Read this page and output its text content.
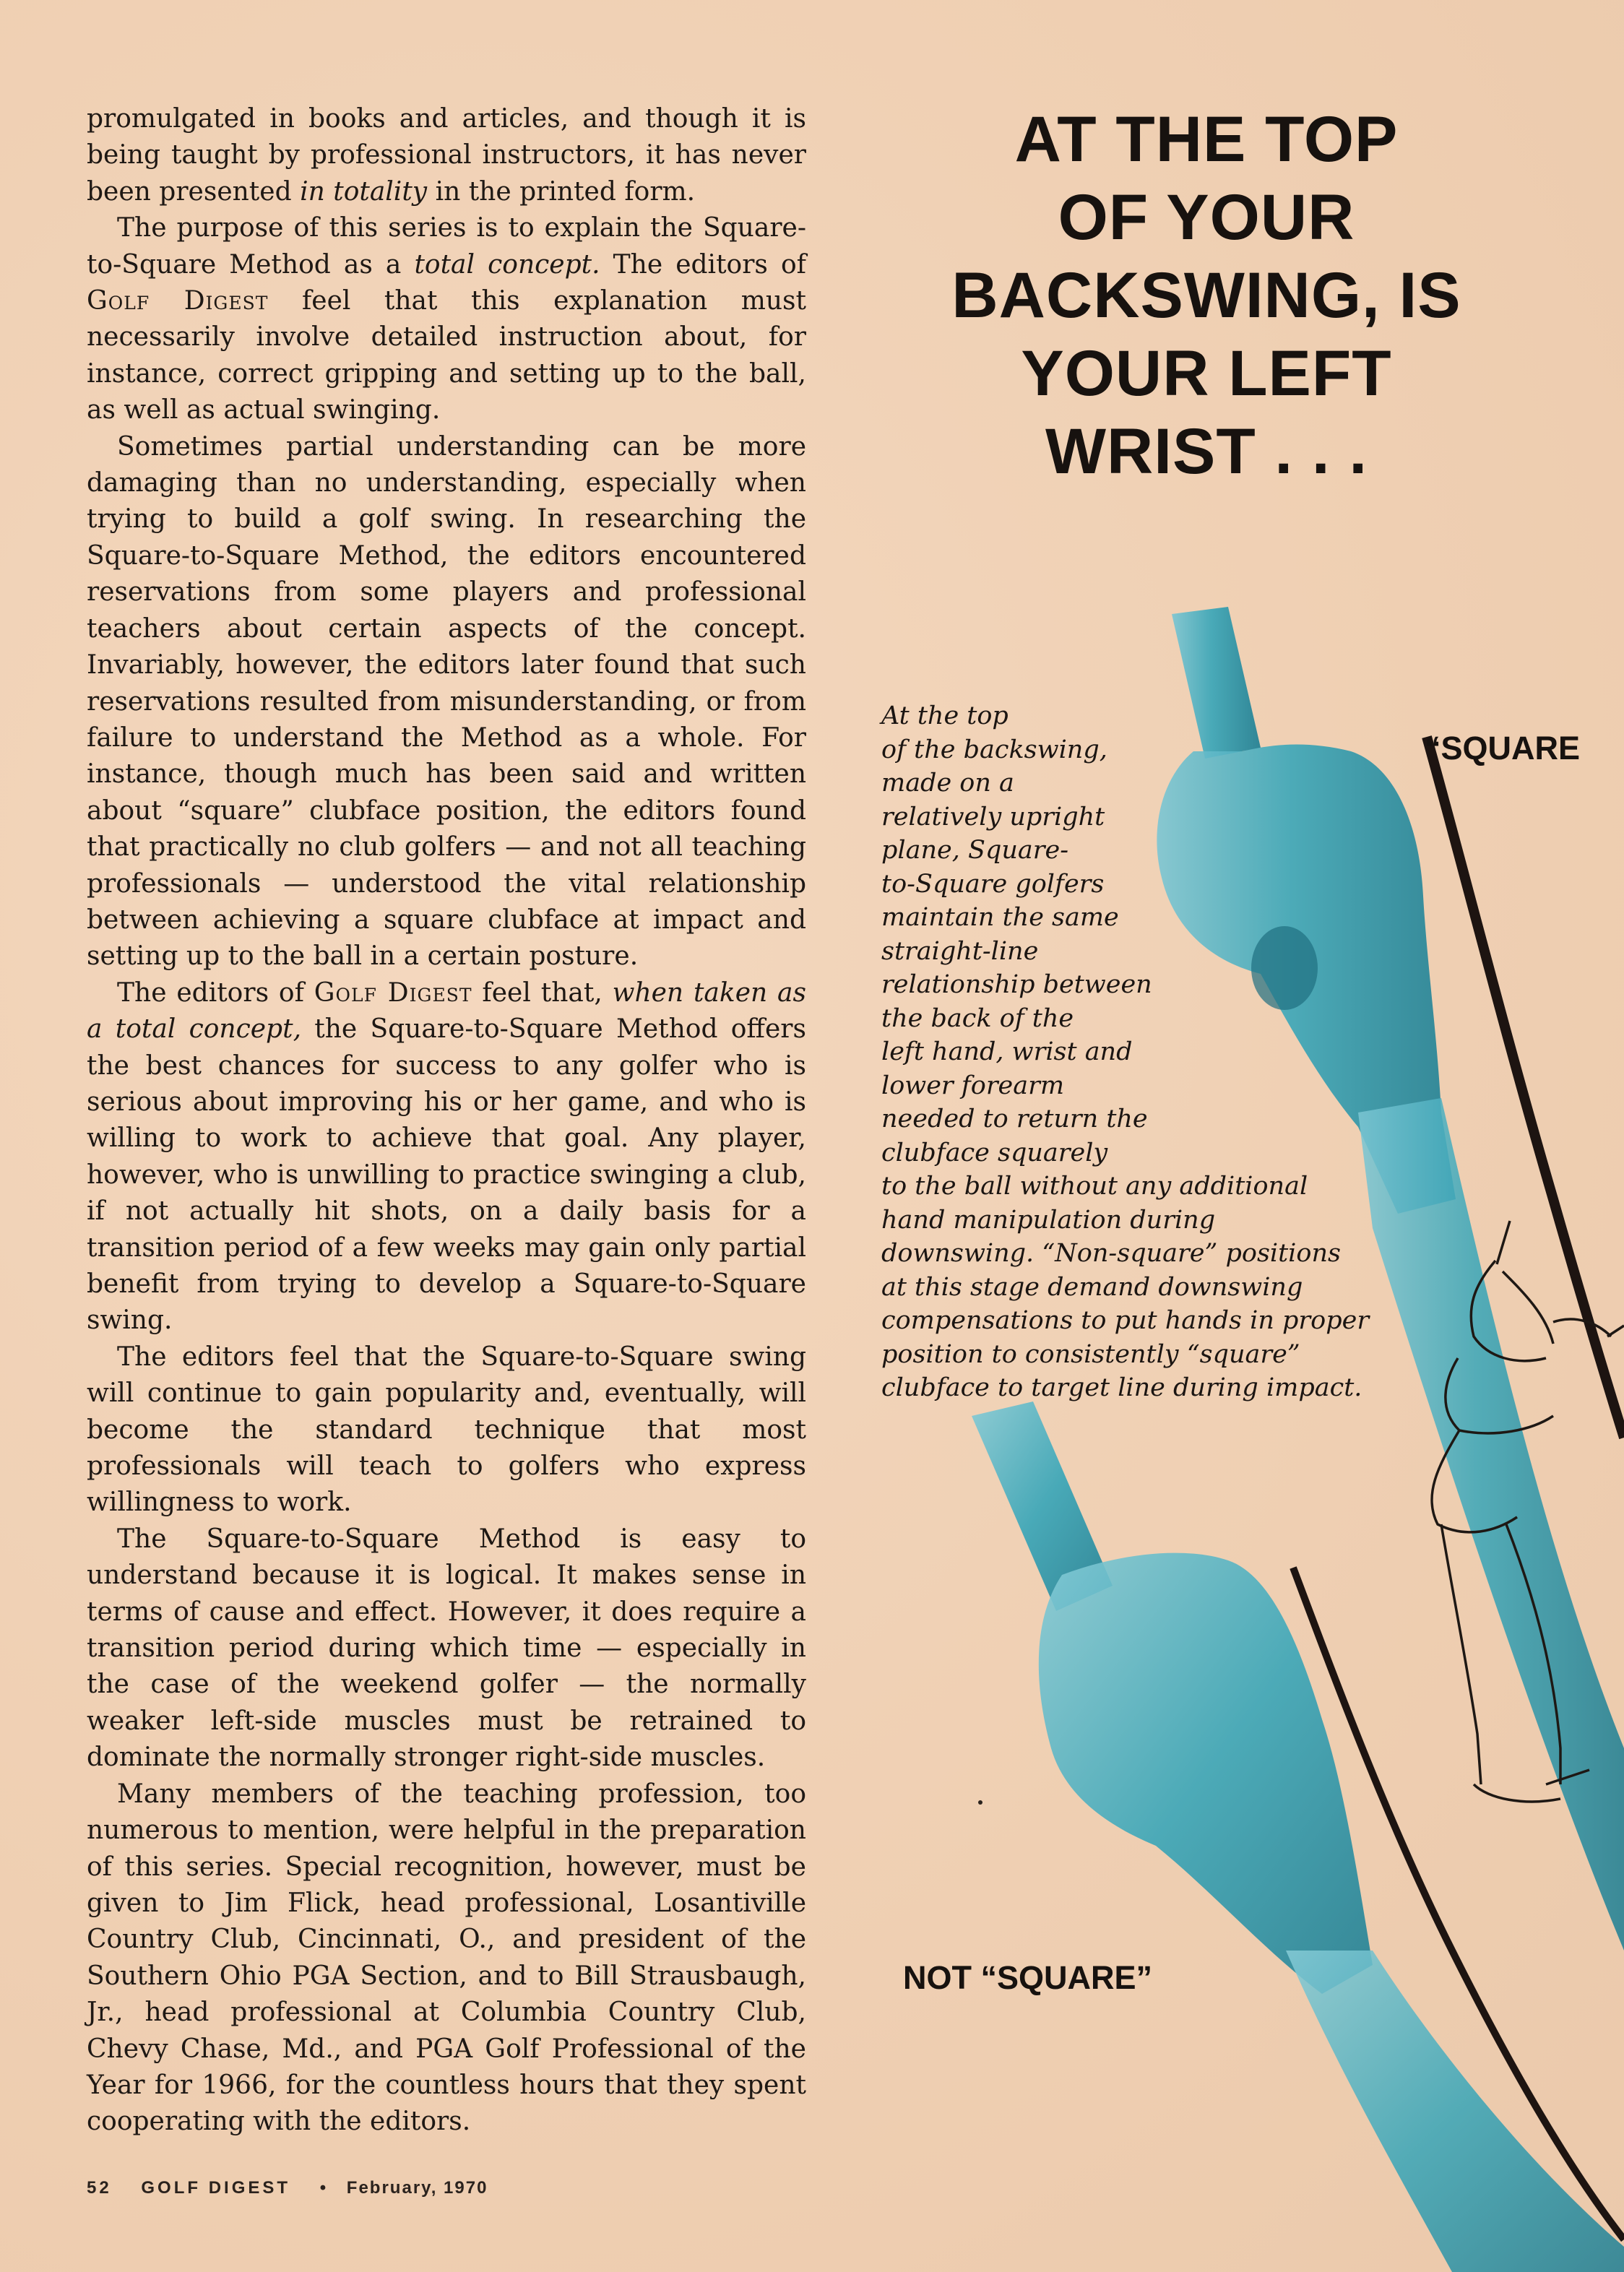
promulgated in books and articles, and though it is being taught by professional instructors, it has never been presented in totality in the printed form.

The purpose of this series is to explain the Square-to-Square Method as a total concept. The editors of Golf Digest feel that this explanation must necessarily involve detailed instruction about, for instance, correct gripping and setting up to the ball, as well as actual swinging.

Sometimes partial understanding can be more damaging than no understanding, especially when trying to build a golf swing. In researching the Square-to-Square Method, the editors encountered reservations from some players and professional teachers about certain aspects of the concept. Invariably, however, the editors later found that such reservations resulted from misunderstanding, or from failure to understand the Method as a whole. For instance, though much has been said and written about “square” clubface position, the editors found that practically no club golfers — and not all teaching professionals — understood the vital relationship between achieving a square clubface at impact and setting up to the ball in a certain posture.

The editors of Golf Digest feel that, when taken as a total concept, the Square-to-Square Method offers the best chances for success to any golfer who is serious about improving his or her game, and who is willing to work to achieve that goal. Any player, however, who is unwilling to practice swinging a club, if not actually hit shots, on a daily basis for a transition period of a few weeks may gain only partial benefit from trying to develop a Square-to-Square swing.

The editors feel that the Square-to-Square swing will continue to gain popularity and, eventually, will become the standard technique that most professionals will teach to golfers who express willingness to work.

The Square-to-Square Method is easy to understand because it is logical. It makes sense in terms of cause and effect. However, it does require a transition period during which time — especially in the case of the weekend golfer — the normally weaker left-side muscles must be retrained to dominate the normally stronger right-side muscles.

Many members of the teaching profession, too numerous to mention, were helpful in the preparation of this series. Special recognition, however, must be given to Jim Flick, head professional, Losantiville Country Club, Cincinnati, O., and president of the Southern Ohio PGA Section, and to Bill Strausbaugh, Jr., head professional at Columbia Country Club, Chevy Chase, Md., and PGA Golf Professional of the Year for 1966, for the countless hours that they spent cooperating with the editors.

AT THE TOP
OF YOUR
BACKSWING, IS
YOUR LEFT
WRIST . . .
At the top
of the backswing,
made on a
relatively upright
plane, Square-
to-Square golfers
maintain the same
straight-line
relationship between
the back of the
left hand, wrist and
lower forearm
needed to return the
clubface squarely
to the ball without any additional
hand manipulation during
downswing. “Non-square” positions
at this stage demand downswing
compensations to put hands in proper
position to consistently “square”
clubface to target line during impact.
“SQUARE
NOT “SQUARE”
52 GOLF DIGEST • February, 1970
